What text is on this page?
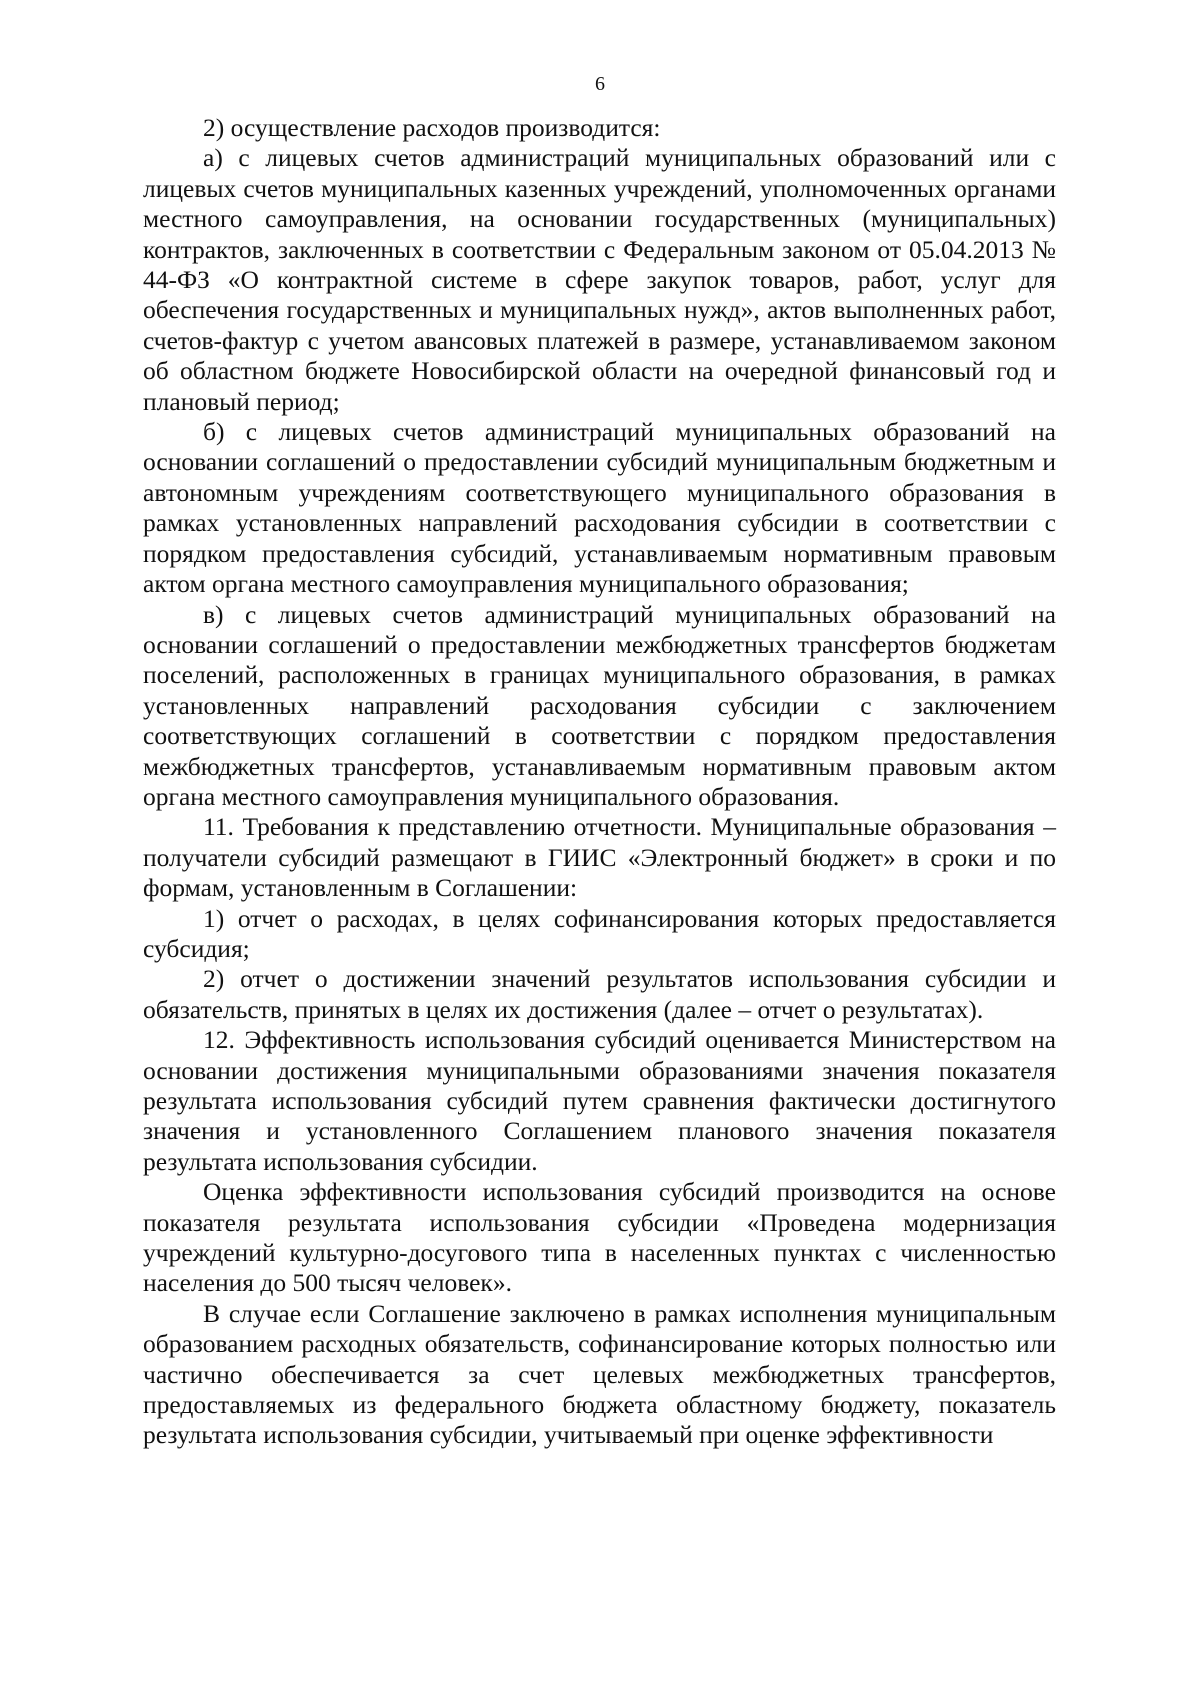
6

2) осуществление расходов производится:

а) с лицевых счетов администраций муниципальных образований или с лицевых счетов муниципальных казенных учреждений, уполномоченных органами местного самоуправления, на основании государственных (муниципальных) контрактов, заключенных в соответствии с Федеральным законом от 05.04.2013 № 44-ФЗ «О контрактной системе в сфере закупок товаров, работ, услуг для обеспечения государственных и муниципальных нужд», актов выполненных работ, счетов-фактур с учетом авансовых платежей в размере, устанавливаемом законом об областном бюджете Новосибирской области на очередной финансовый год и плановый период;

б) с лицевых счетов администраций муниципальных образований на основании соглашений о предоставлении субсидий муниципальным бюджетным и автономным учреждениям соответствующего муниципального образования в рамках установленных направлений расходования субсидии в соответствии с порядком предоставления субсидий, устанавливаемым нормативным правовым актом органа местного самоуправления муниципального образования;

в) с лицевых счетов администраций муниципальных образований на основании соглашений о предоставлении межбюджетных трансфертов бюджетам поселений, расположенных в границах муниципального образования, в рамках установленных направлений расходования субсидии с заключением соответствующих соглашений в соответствии с порядком предоставления межбюджетных трансфертов, устанавливаемым нормативным правовым актом органа местного самоуправления муниципального образования.

11. Требования к представлению отчетности. Муниципальные образования – получатели субсидий размещают в ГИИС «Электронный бюджет» в сроки и по формам, установленным в Соглашении:

1) отчет о расходах, в целях софинансирования которых предоставляется субсидия;

2) отчет о достижении значений результатов использования субсидии и обязательств, принятых в целях их достижения (далее – отчет о результатах).

12. Эффективность использования субсидий оценивается Министерством на основании достижения муниципальными образованиями значения показателя результата использования субсидий путем сравнения фактически достигнутого значения и установленного Соглашением планового значения показателя результата использования субсидии.

Оценка эффективности использования субсидий производится на основе показателя результата использования субсидии «Проведена модернизация учреждений культурно-досугового типа в населенных пунктах с численностью населения до 500 тысяч человек».

В случае если Соглашение заключено в рамках исполнения муниципальным образованием расходных обязательств, софинансирование которых полностью или частично обеспечивается за счет целевых межбюджетных трансфертов, предоставляемых из федерального бюджета областному бюджету, показатель результата использования субсидии, учитываемый при оценке эффективности
